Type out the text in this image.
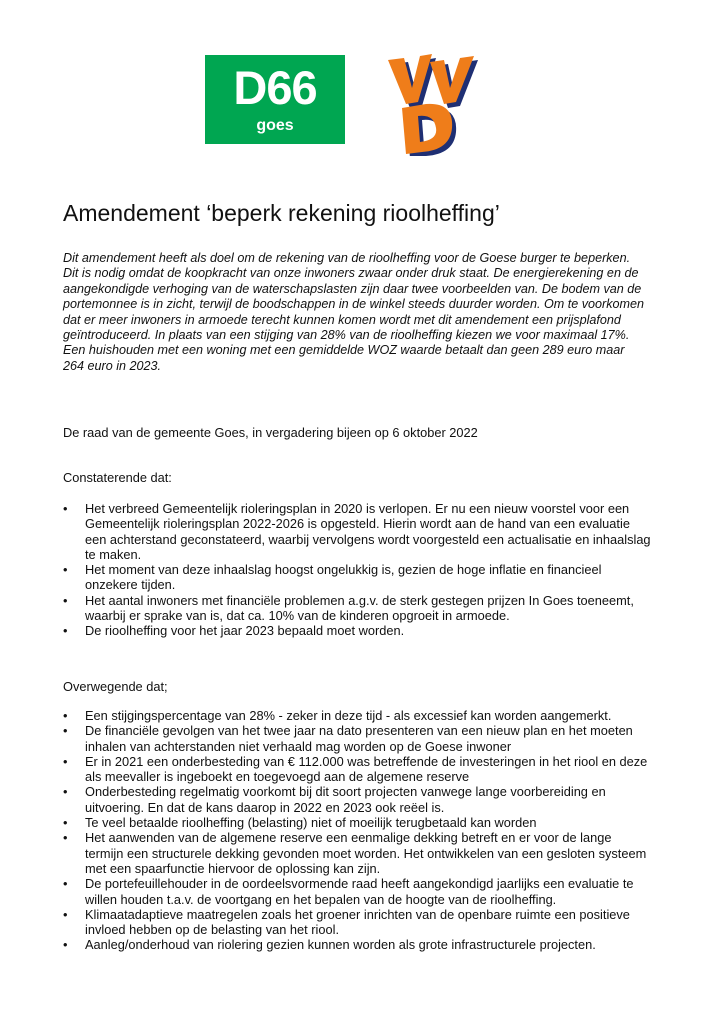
D66
goes
Amendement ‘beperk rekening rioolheffing’

Dit amendement heeft als doel om de rekening van de rioolheffing voor de Goese burger te beperken. Dit is nodig omdat de koopkracht van onze inwoners zwaar onder druk staat. De energierekening en de aangekondigde verhoging van de waterschapslasten zijn daar twee voorbeelden van. De bodem van de portemonnee is in zicht, terwijl de boodschappen in de winkel steeds duurder worden. Om te voorkomen dat er meer inwoners in armoede terecht kunnen komen wordt met dit amendement een prijsplafond geïntroduceerd. In plaats van een stijging van 28% van de rioolheffing kiezen we voor maximaal 17%. Een huishouden met een woning met een gemiddelde WOZ waarde betaalt dan geen 289 euro maar 264 euro in 2023.

De raad van de gemeente Goes, in vergadering bijeen op 6 oktober 2022

Constaterende dat:

•	Het verbreed Gemeentelijk rioleringsplan in 2020 is verlopen. Er nu een nieuw voorstel voor een Gemeentelijk rioleringsplan 2022-2026 is opgesteld. Hierin wordt aan de hand van een evaluatie een achterstand geconstateerd, waarbij vervolgens wordt voorgesteld een actualisatie en inhaalslag te maken.
•	Het moment van deze inhaalslag hoogst ongelukkig is, gezien de hoge inflatie en financieel onzekere tijden.
•	Het aantal inwoners met financiële problemen a.g.v. de sterk gestegen prijzen In Goes toeneemt, waarbij er sprake van is, dat ca. 10% van de kinderen opgroeit in armoede.
•	De rioolheffing voor het jaar 2023 bepaald moet worden.

Overwegende dat;

•	Een stijgingspercentage van 28% - zeker in deze tijd - als excessief kan worden aangemerkt.
•	De financiële gevolgen van het twee jaar na dato presenteren van een nieuw plan en het moeten inhalen van achterstanden niet verhaald mag worden op de Goese inwoner
•	Er in 2021 een onderbesteding van € 112.000 was betreffende de investeringen in het riool en deze als meevaller is ingeboekt en toegevoegd aan de algemene reserve
•	Onderbesteding regelmatig voorkomt bij dit soort projecten vanwege lange voorbereiding en uitvoering. En dat de kans daarop in 2022 en 2023 ook reëel is.
•	Te veel betaalde rioolheffing (belasting) niet of moeilijk terugbetaald kan worden
•	Het aanwenden van de algemene reserve een eenmalige dekking betreft en er voor de lange termijn een structurele dekking gevonden moet worden. Het ontwikkelen van een gesloten systeem met een spaarfunctie hiervoor de oplossing kan zijn.
•	De portefeuillehouder in de oordeelsvormende raad heeft aangekondigd jaarlijks een evaluatie te willen houden t.a.v. de voortgang en het bepalen van de hoogte van de rioolheffing.
•	Klimaatadaptieve maatregelen zoals het groener inrichten van de openbare ruimte een positieve invloed hebben op de belasting van het riool.
•	Aanleg/onderhoud van riolering gezien kunnen worden als grote infrastructurele projecten.
